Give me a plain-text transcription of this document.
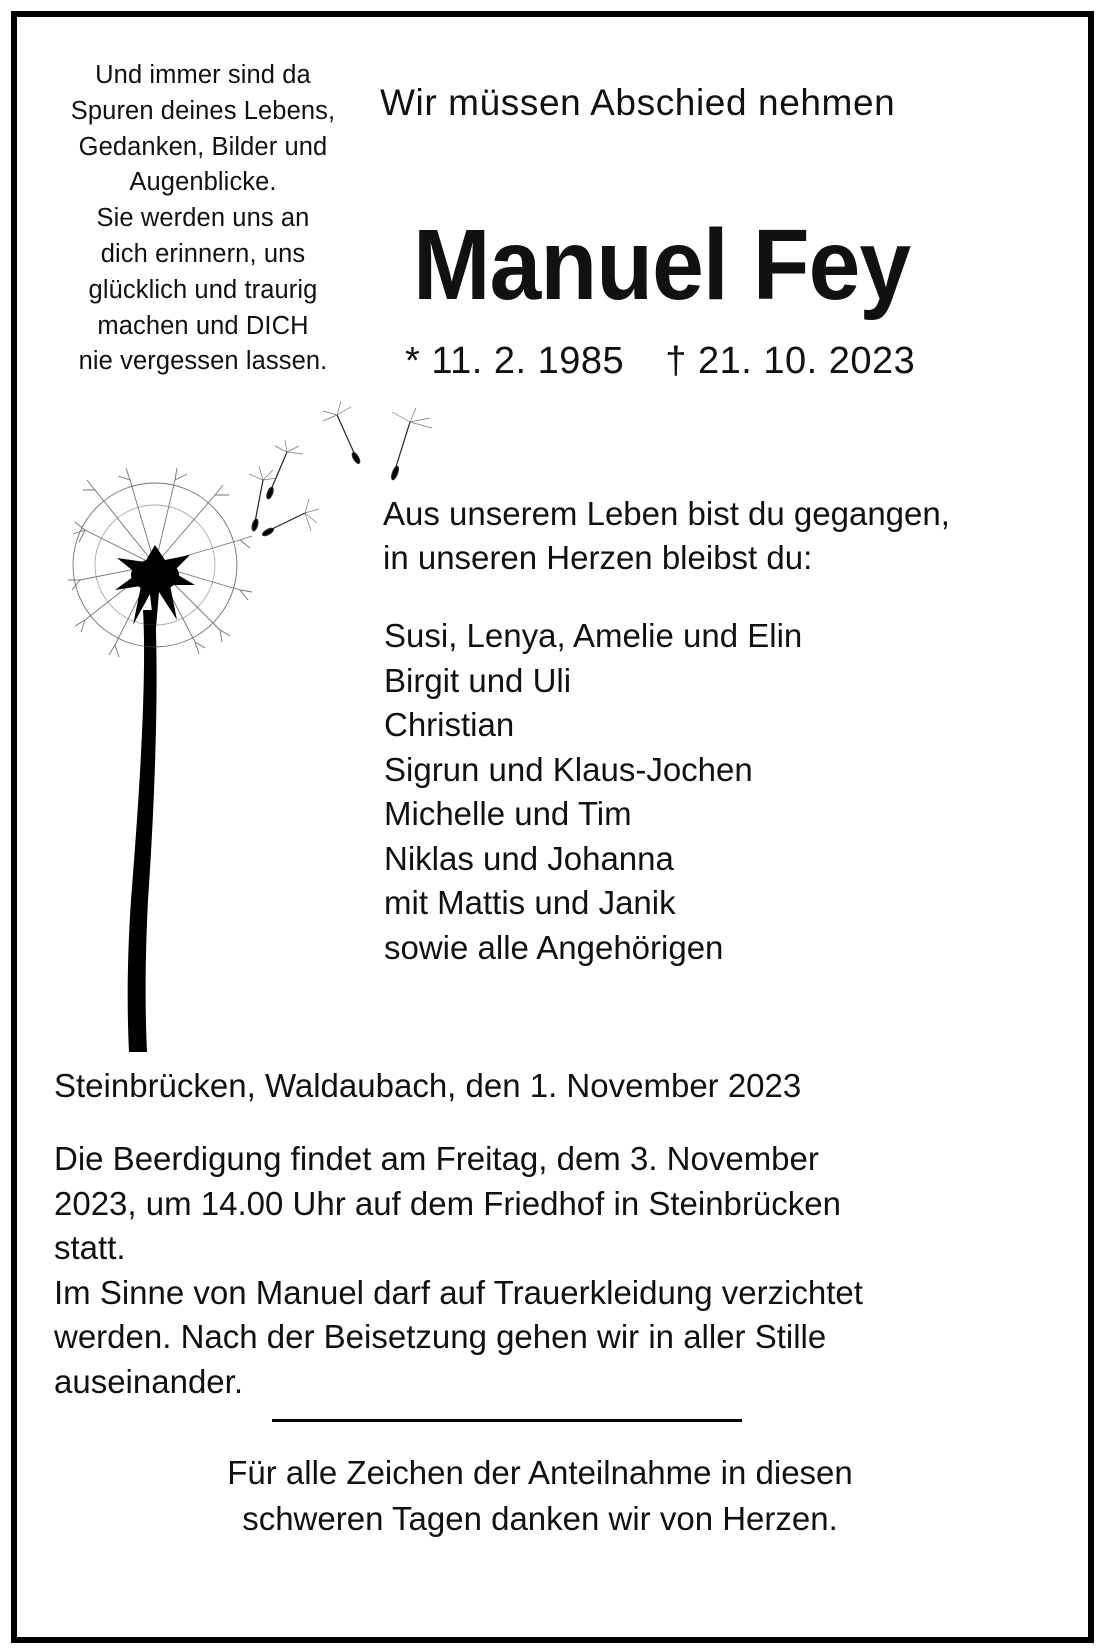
Und immer sind da
Spuren deines Lebens,
Gedanken, Bilder und
Augenblicke.
Sie werden uns an
dich erinnern, uns
glücklich und traurig
machen und DICH
nie vergessen lassen.
Wir müssen Abschied nehmen
Manuel Fey
* 11. 2. 1985 † 21. 10. 2023
Aus unserem Leben bist du gegangen,
in unseren Herzen bleibst du:
Susi, Lenya, Amelie und Elin
Birgit und Uli
Christian
Sigrun und Klaus-Jochen
Michelle und Tim
Niklas und Johanna
mit Mattis und Janik
sowie alle Angehörigen
Steinbrücken, Waldaubach, den 1. November 2023
Die Beerdigung findet am Freitag, dem 3. November
2023, um 14.00 Uhr auf dem Friedhof in Steinbrücken
statt.
Im Sinne von Manuel darf auf Trauerkleidung verzichtet
werden. Nach der Beisetzung gehen wir in aller Stille
auseinander.
Für alle Zeichen der Anteilnahme in diesen
schweren Tagen danken wir von Herzen.
